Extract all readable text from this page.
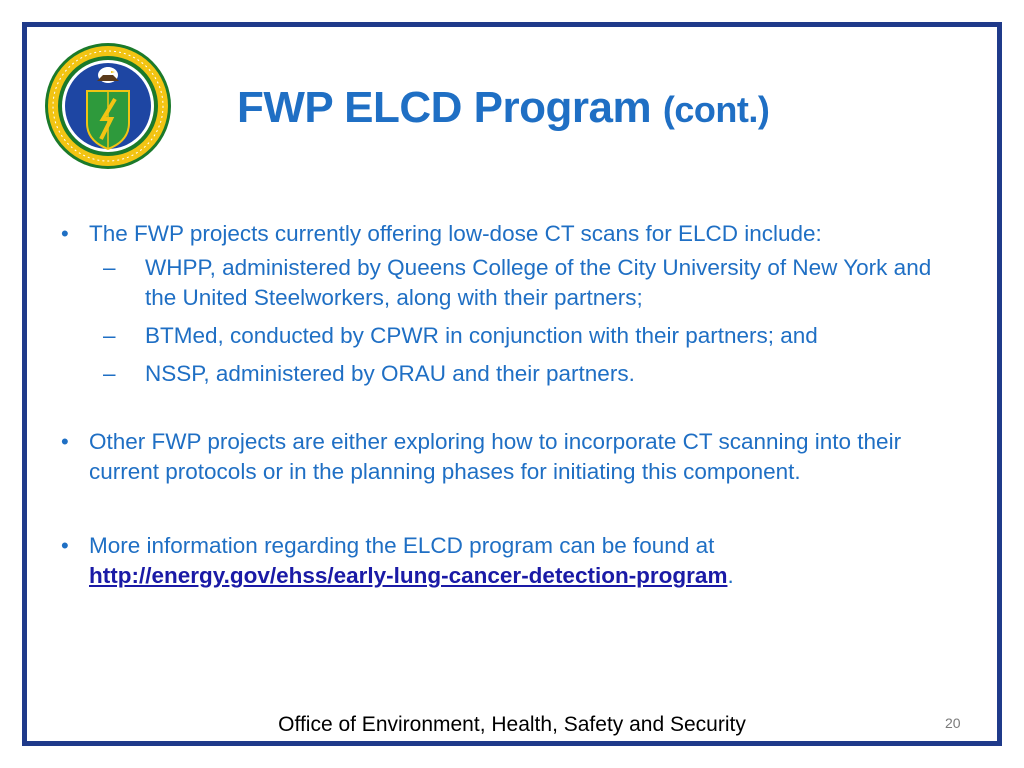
FWP ELCD Program (cont.)
• The FWP projects currently offering low-dose CT scans for ELCD include:
– WHPP, administered by Queens College of the City University of New York and the United Steelworkers, along with their partners;
– BTMed, conducted by CPWR in conjunction with their partners; and
– NSSP, administered by ORAU and their partners.
• Other FWP projects are either exploring how to incorporate CT scanning into their current protocols or in the planning phases for initiating this component.
• More information regarding the ELCD program can be found at
http://energy.gov/ehss/early-lung-cancer-detection-program.
Office of Environment, Health, Safety and Security	20
